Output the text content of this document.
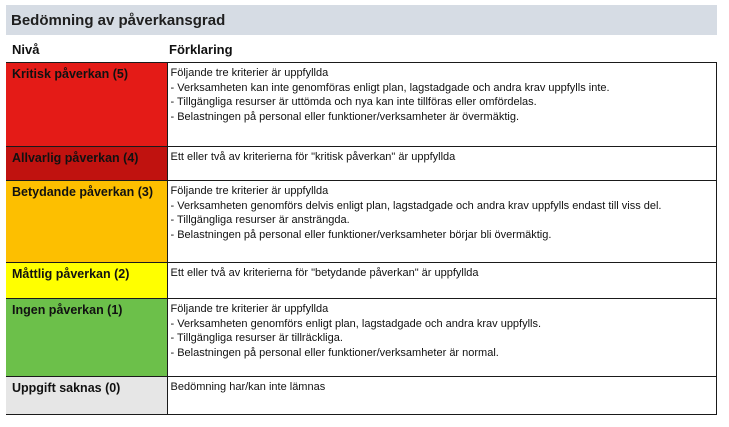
Bedömning av påverkansgrad
Nivå	Förklaring
Kritisk påverkan (5)	Följande tre kriterier är uppfyllda
- Verksamheten kan inte genomföras enligt plan, lagstadgade och andra krav uppfylls inte.
- Tillgängliga resurser är uttömda och nya kan inte tillföras eller omfördelas.
- Belastningen på personal eller funktioner/verksamheter är övermäktig.

Allvarlig påverkan (4)	Ett eller två av kriterierna för "kritisk påverkan" är uppfyllda

Betydande påverkan (3)	Följande tre kriterier är uppfyllda
- Verksamheten genomförs delvis enligt plan, lagstadgade och andra krav uppfylls endast till viss del.
- Tillgängliga resurser är ansträngda.
- Belastningen på personal eller funktioner/verksamheter börjar bli övermäktig.

Måttlig påverkan (2)	Ett eller två av kriterierna för "betydande påverkan" är uppfyllda

Ingen påverkan (1)	Följande tre kriterier är uppfyllda
- Verksamheten genomförs enligt plan, lagstadgade och andra krav uppfylls.
- Tillgängliga resurser är tillräckliga.
- Belastningen på personal eller funktioner/verksamheter är normal.

Uppgift saknas (0)	Bedömning har/kan inte lämnas
